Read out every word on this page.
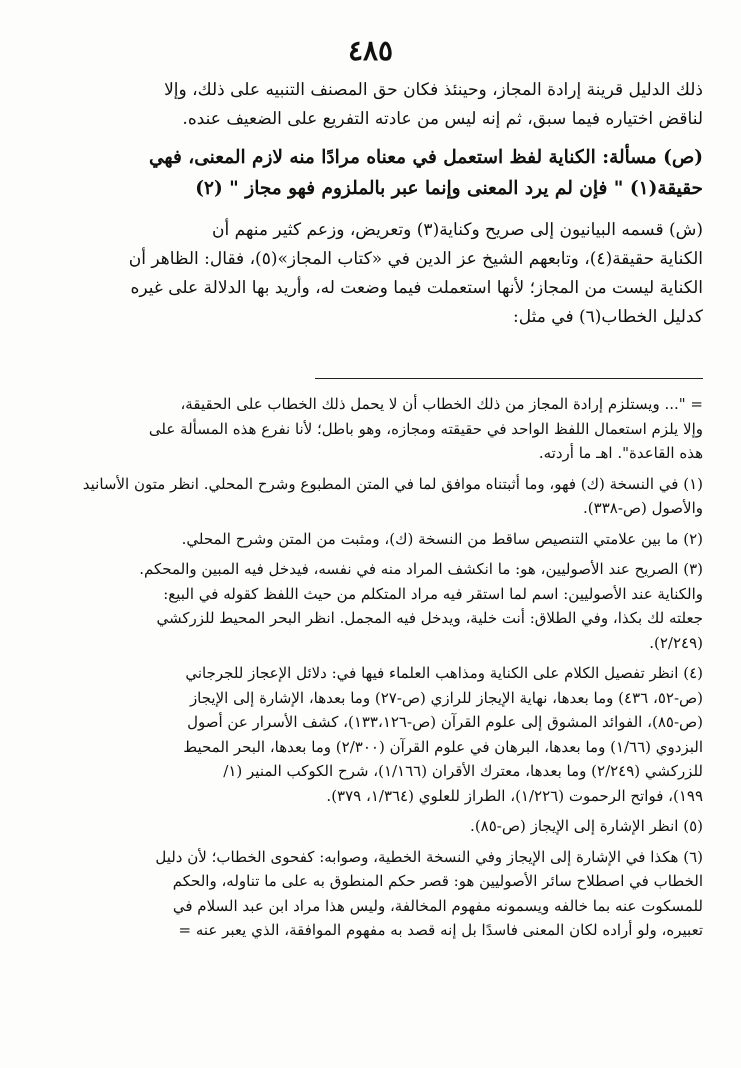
٤٨٥
ذلك الدليل قرينة إرادة المجاز، وحينئذ فكان حق المصنف التنبيه على ذلك، وإلا
لناقض اختياره فيما سبق، ثم إنه ليس من عادته التفريع على الضعيف عنده.
(ص) مسألة: الكناية لفظ استعمل في معناه مرادًا منه لازم المعنى، فهي
حقيقة(١) " فإن لم يرد المعنى وإنما عبر بالملزوم فهو مجاز " (٢)
(ش) قسمه البيانيون إلى صريح وكناية(٣) وتعريض، وزعم كثير منهم أن
الكناية حقيقة(٤)، وتابعهم الشيخ عز الدين في «كتاب المجاز»(٥)، فقال: الظاهر أن
الكناية ليست من المجاز؛ لأنها استعملت فيما وضعت له، وأريد بها الدلالة على غيره
كدليل الخطاب(٦) في مثل:
= "... ويستلزم إرادة المجاز من ذلك الخطاب أن لا يحمل ذلك الخطاب على الحقيقة،
وإلا يلزم استعمال اللفظ الواحد في حقيقته ومجازه، وهو باطل؛ لأنا نفرع هذه المسألة على
هذه القاعدة". اهـ ما أردته.
(١) في النسخة (ك) فهو، وما أثبتناه موافق لما في المتن المطبوع وشرح المحلي. انظر متون الأسانيد
والأصول (ص-٣٣٨).
(٢) ما بين علامتي التنصيص ساقط من النسخة (ك)، ومثبت من المتن وشرح المحلي.
(٣) الصريح عند الأصوليين، هو: ما انكشف المراد منه في نفسه، فيدخل فيه المبين والمحكم.
والكناية عند الأصوليين: اسم لما استقر فيه مراد المتكلم من حيث اللفظ كقوله في البيع:
جعلته لك بكذا، وفي الطلاق: أنت خلية، ويدخل فيه المجمل. انظر البحر المحيط للزركشي
(٢/٢٤٩).
(٤) انظر تفصيل الكلام على الكناية ومذاهب العلماء فيها في: دلائل الإعجاز للجرجاني
(ص-٥٢، ٤٣٦) وما بعدها، نهاية الإيجاز للرازي (ص-٢٧) وما بعدها، الإشارة إلى الإيجاز
(ص-٨٥)، الفوائد المشوق إلى علوم القرآن (ص-١٣٣،١٢٦)، كشف الأسرار عن أصول
البزدوي (١/٦٦) وما بعدها، البرهان في علوم القرآن (٢/٣٠٠) وما بعدها، البحر المحيط
للزركشي (٢/٢٤٩) وما بعدها، معترك الأقران (١/١٦٦)، شرح الكوكب المنير (١/
١٩٩)، فواتح الرحموت (١/٢٢٦)، الطراز للعلوي (١/٣٦٤، ٣٧٩).
(٥) انظر الإشارة إلى الإيجاز (ص-٨٥).
(٦) هكذا في الإشارة إلى الإيجاز وفي النسخة الخطية، وصوابه: كفحوى الخطاب؛ لأن دليل
الخطاب في اصطلاح سائر الأصوليين هو: قصر حكم المنطوق به على ما تناوله، والحكم
للمسكوت عنه بما خالفه ويسمونه مفهوم المخالفة، وليس هذا مراد ابن عبد السلام في
تعبيره، ولو أراده لكان المعنى فاسدًا بل إنه قصد به مفهوم الموافقة، الذي يعبر عنه =
